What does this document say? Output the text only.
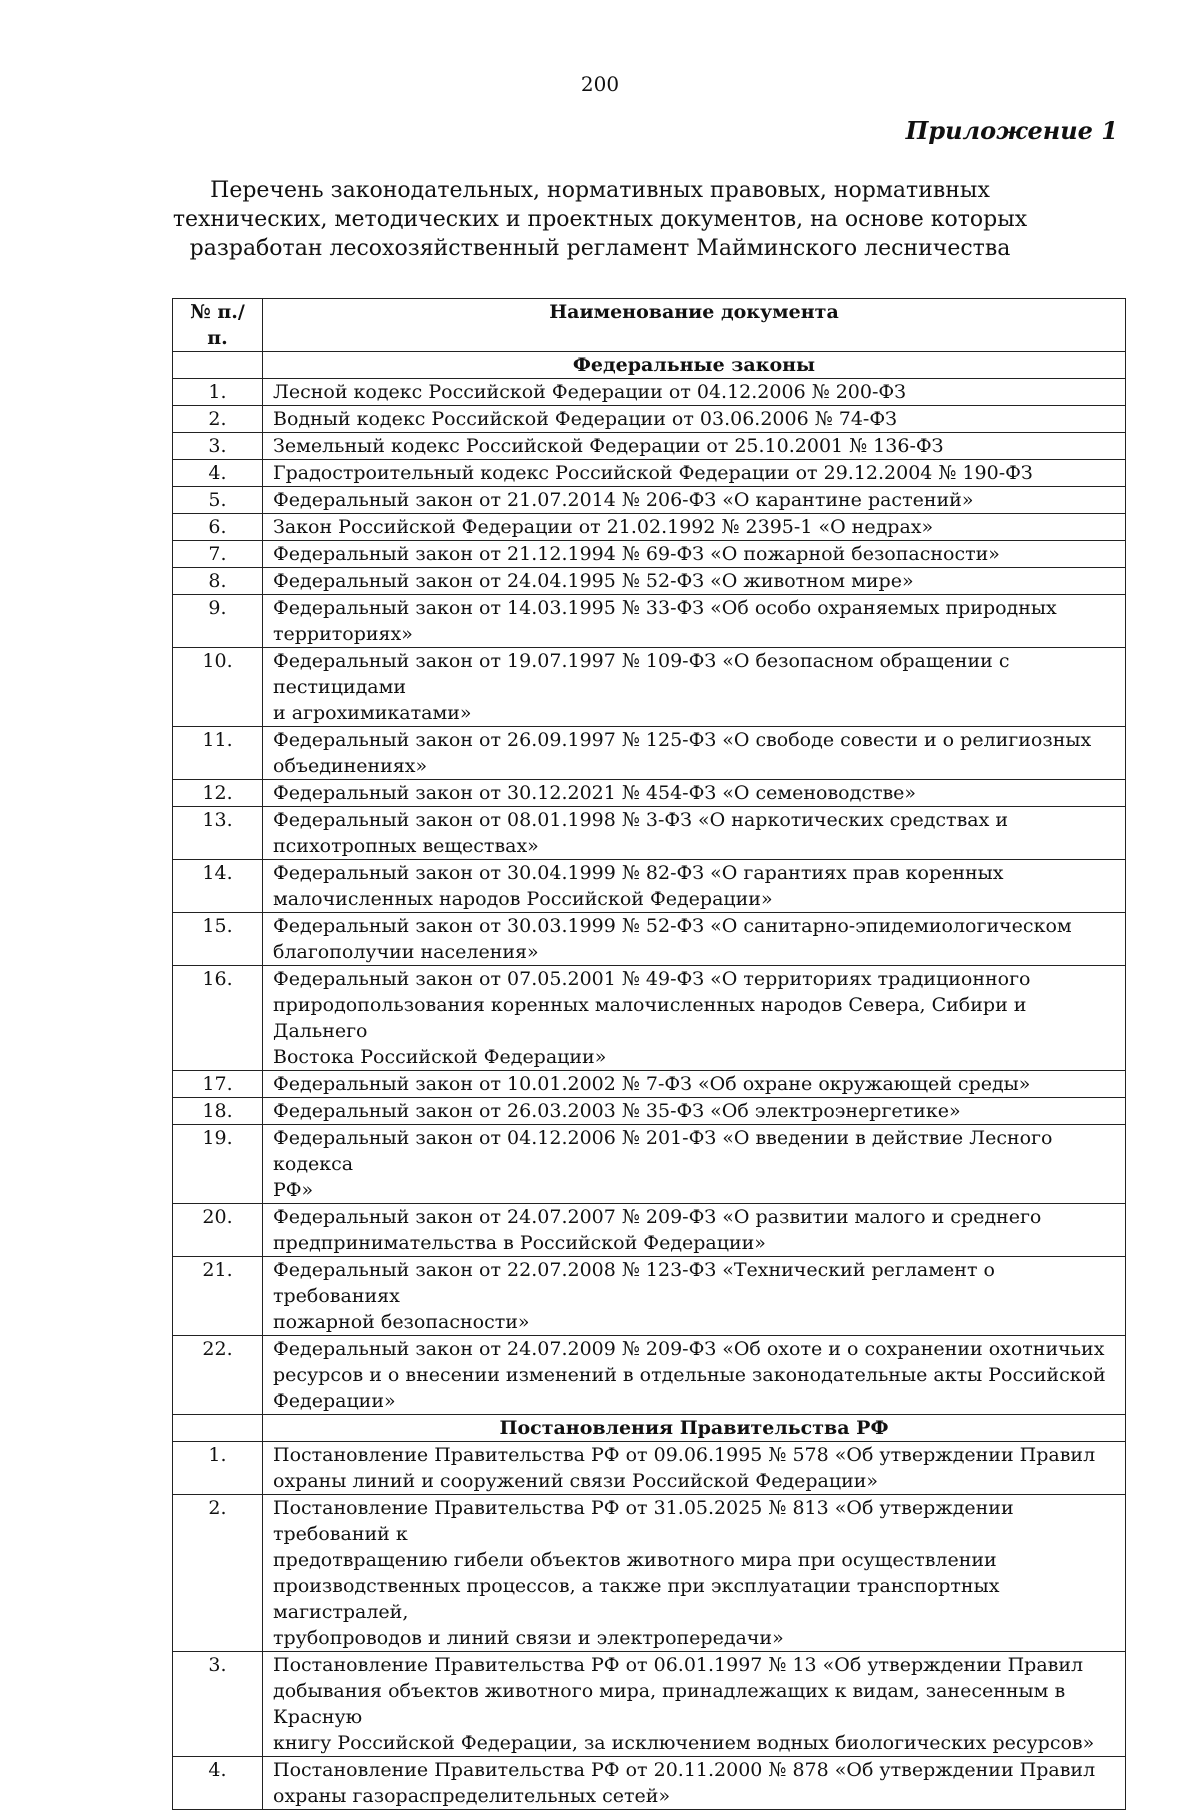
200
Приложение 1
Перечень законодательных, нормативных правовых, нормативных
технических, методических и проектных документов, на основе которых
разработан лесохозяйственный регламент Майминского лесничества
№ п./п.	Наименование документа
	Федеральные законы
1.	Лесной кодекс Российской Федерации от 04.12.2006 № 200-ФЗ

2.	Водный кодекс Российской Федерации от 03.06.2006 № 74-ФЗ

3.	Земельный кодекс Российской Федерации от 25.10.2001 № 136-ФЗ

4.	Градостроительный кодекс Российской Федерации от 29.12.2004 № 190-ФЗ

5.	Федеральный закон от 21.07.2014 № 206-ФЗ «О карантине растений»

6.	Закон Российской Федерации от 21.02.1992 № 2395-1 «О недрах»

7.	Федеральный закон от 21.12.1994 № 69-ФЗ «О пожарной безопасности»

8.	Федеральный закон от 24.04.1995 № 52-ФЗ «О животном мире»

9.	Федеральный закон от 14.03.1995 № 33-ФЗ «Об особо охраняемых природных
территориях»

10.	Федеральный закон от 19.07.1997 № 109-ФЗ «О безопасном обращении с пестицидами
и агрохимикатами»

11.	Федеральный закон от 26.09.1997 № 125-ФЗ «О свободе совести и о религиозных
объединениях»

12.	Федеральный закон от 30.12.2021 № 454-ФЗ «О семеноводстве»

13.	Федеральный закон от 08.01.1998 № 3-ФЗ «О наркотических средствах и
психотропных веществах»

14.	Федеральный закон от 30.04.1999 № 82-ФЗ «О гарантиях прав коренных
малочисленных народов Российской Федерации»

15.	Федеральный закон от 30.03.1999 № 52-ФЗ «О санитарно-эпидемиологическом
благополучии населения»

16.	Федеральный закон от 07.05.2001 № 49-ФЗ «О территориях традиционного
природопользования коренных малочисленных народов Севера, Сибири и Дальнего
Востока Российской Федерации»

17.	Федеральный закон от 10.01.2002 № 7-ФЗ «Об охране окружающей среды»

18.	Федеральный закон от 26.03.2003 № 35-ФЗ «Об электроэнергетике»

19.	Федеральный закон от 04.12.2006 № 201-ФЗ «О введении в действие Лесного кодекса
РФ»

20.	Федеральный закон от 24.07.2007 № 209-ФЗ «О развитии малого и среднего
предпринимательства в Российской Федерации»

21.	Федеральный закон от 22.07.2008 № 123-ФЗ «Технический регламент о требованиях
пожарной безопасности»

22.	Федеральный закон от 24.07.2009 № 209-ФЗ «Об охоте и о сохранении охотничьих
ресурсов и о внесении изменений в отдельные законодательные акты Российской
Федерации»

	Постановления Правительства РФ
1.	Постановление Правительства РФ от 09.06.1995 № 578 «Об утверждении Правил
охраны линий и сооружений связи Российской Федерации»

2.	Постановление Правительства РФ от 31.05.2025 № 813 «Об утверждении требований к
предотвращению гибели объектов животного мира при осуществлении
производственных процессов, а также при эксплуатации транспортных магистралей,
трубопроводов и линий связи и электропередачи»

3.	Постановление Правительства РФ от 06.01.1997 № 13 «Об утверждении Правил
добывания объектов животного мира, принадлежащих к видам, занесенным в Красную
книгу Российской Федерации, за исключением водных биологических ресурсов»

4.	Постановление Правительства РФ от 20.11.2000 № 878 «Об утверждении Правил
охраны газораспределительных сетей»
